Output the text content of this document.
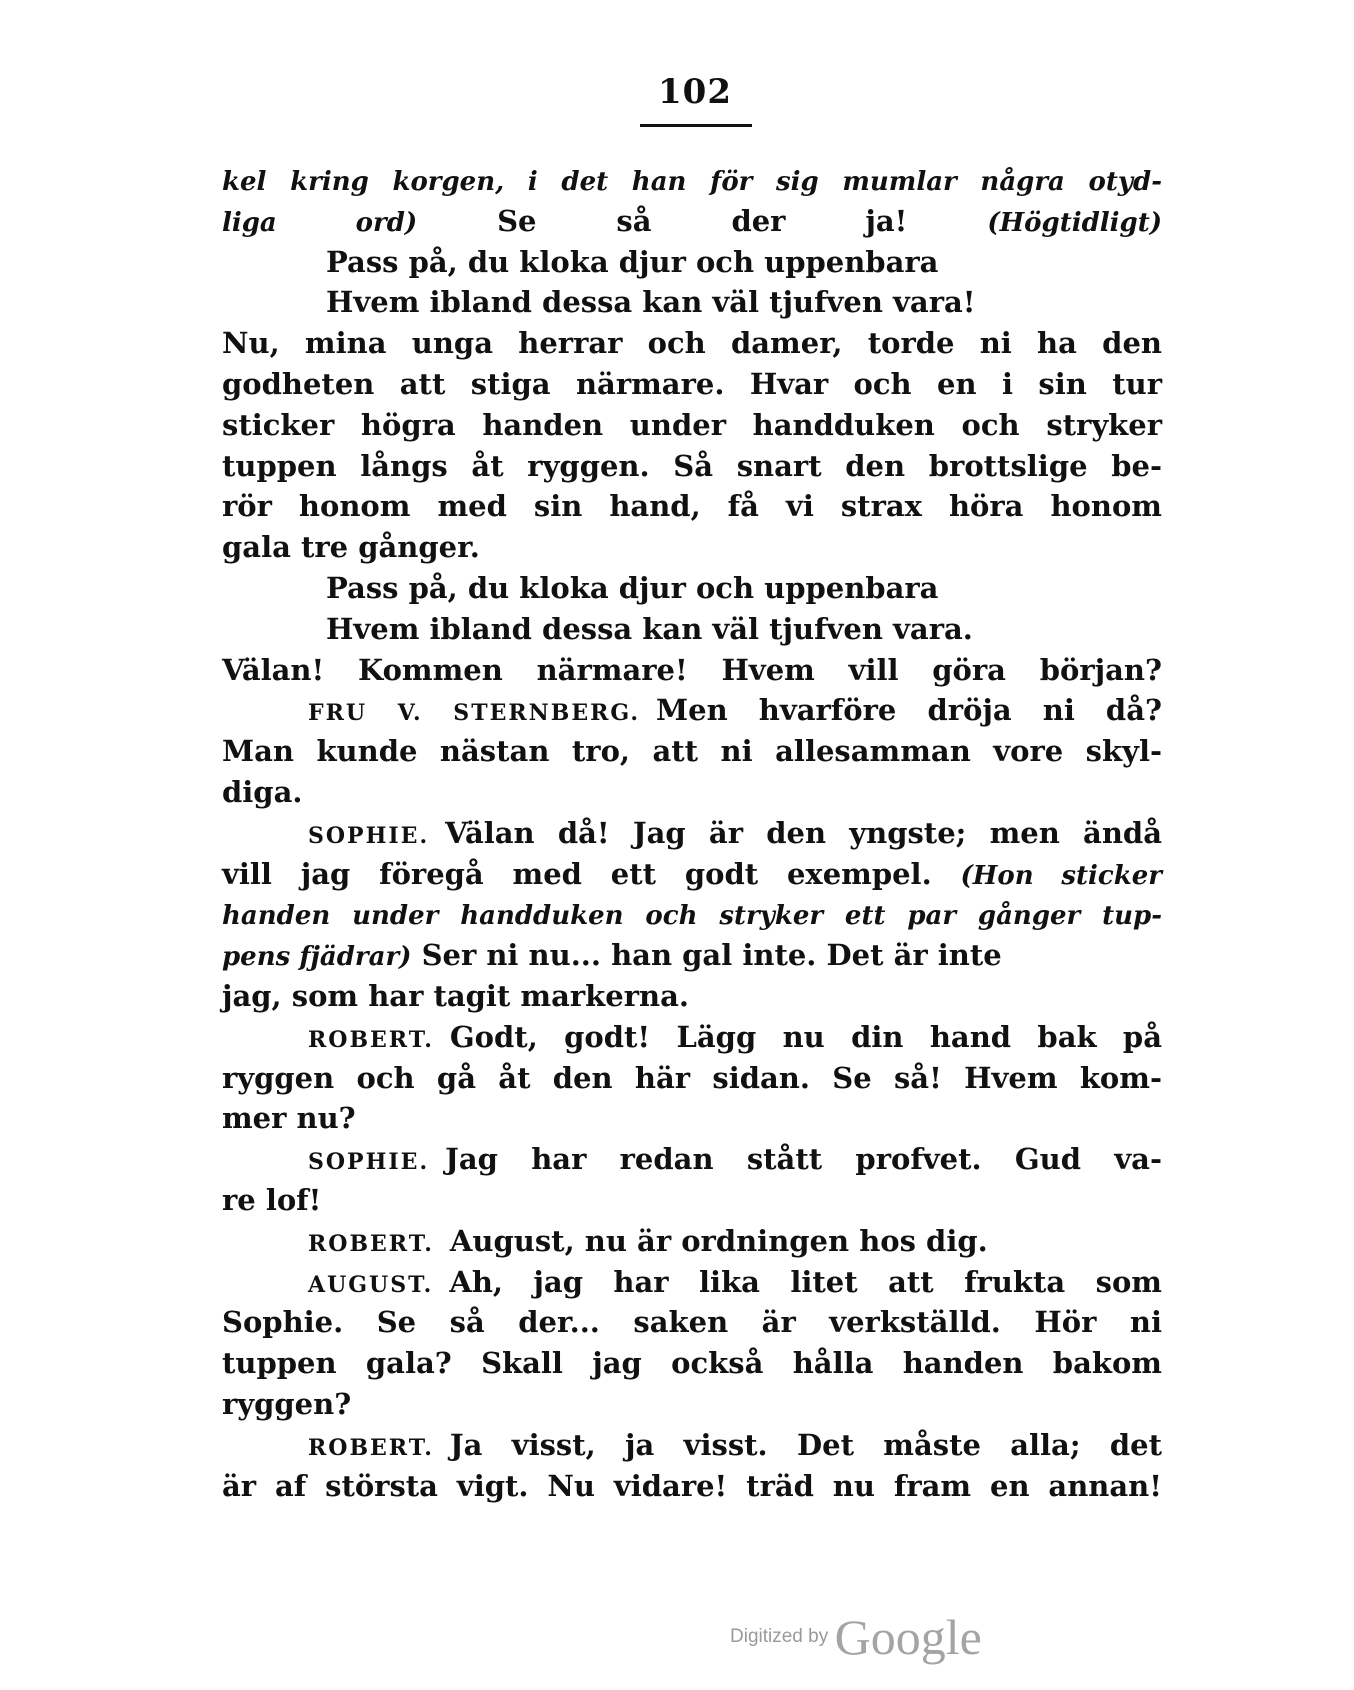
102
kel kring korgen, i det han för sig mumlar några otyd-
liga ord) Se så der ja! (Högtidligt)
Pass på, du kloka djur och uppenbara
Hvem ibland dessa kan väl tjufven vara!
Nu, mina unga herrar och damer, torde ni ha den
godheten att stiga närmare. Hvar och en i sin tur
sticker högra handen under handduken och stryker
tuppen långs åt ryggen. Så snart den brottslige be-
rör honom med sin hand, få vi strax höra honom
gala tre gånger.
Pass på, du kloka djur och uppenbara
Hvem ibland dessa kan väl tjufven vara.
Välan! Kommen närmare! Hvem vill göra början?
FRU V. STERNBERG. Men hvarföre dröja ni då?
Man kunde nästan tro, att ni allesamman vore skyl-
diga.
SOPHIE. Välan då! Jag är den yngste; men ändå
vill jag föregå med ett godt exempel. (Hon sticker
handen under handduken och stryker ett par gånger tup-
pens fjädrar) Ser ni nu... han gal inte. Det är inte
jag, som har tagit markerna.
ROBERT. Godt, godt! Lägg nu din hand bak på
ryggen och gå åt den här sidan. Se så! Hvem kom-
mer nu?
SOPHIE. Jag har redan stått profvet. Gud va-
re lof!
ROBERT. August, nu är ordningen hos dig.
AUGUST. Ah, jag har lika litet att frukta som
Sophie. Se så der... saken är verkställd. Hör ni
tuppen gala? Skall jag också hålla handen bakom
ryggen?
ROBERT. Ja visst, ja visst. Det måste alla; det
är af största vigt. Nu vidare! träd nu fram en annan!
Digitized by Google
